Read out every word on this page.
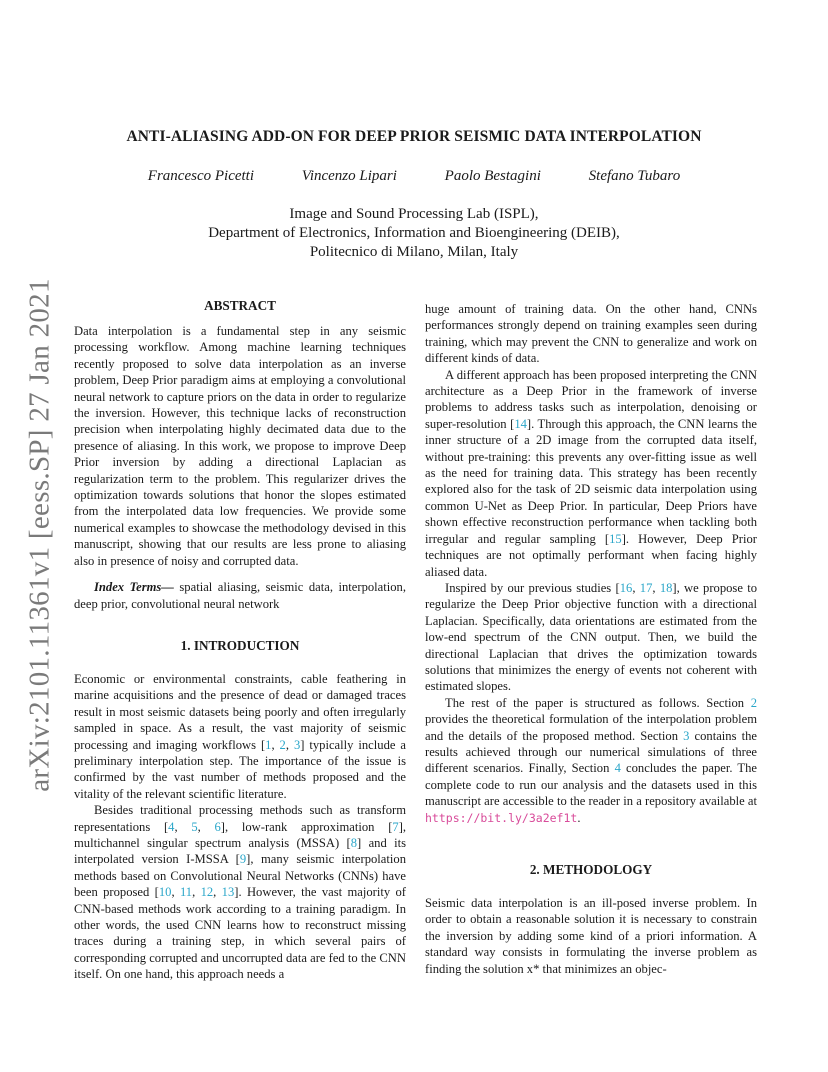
arXiv:2101.11361v1 [eess.SP] 27 Jan 2021
ANTI-ALIASING ADD-ON FOR DEEP PRIOR SEISMIC DATA INTERPOLATION
Francesco Picetti	Vincenzo Lipari	Paolo Bestagini	Stefano Tubaro
Image and Sound Processing Lab (ISPL),
Department of Electronics, Information and Bioengineering (DEIB),
Politecnico di Milano, Milan, Italy
ABSTRACT

Data interpolation is a fundamental step in any seismic processing workflow. Among machine learning techniques recently proposed to solve data interpolation as an inverse problem, Deep Prior paradigm aims at employing a convolutional neural network to capture priors on the data in order to regularize the inversion. However, this technique lacks of reconstruction precision when interpolating highly decimated data due to the presence of aliasing. In this work, we propose to improve Deep Prior inversion by adding a directional Laplacian as regularization term to the problem. This regularizer drives the optimization towards solutions that honor the slopes estimated from the interpolated data low frequencies. We provide some numerical examples to showcase the methodology devised in this manuscript, showing that our results are less prone to aliasing also in presence of noisy and corrupted data.

Index Terms— spatial aliasing, seismic data, interpolation, deep prior, convolutional neural network

1. INTRODUCTION

Economic or environmental constraints, cable feathering in marine acquisitions and the presence of dead or damaged traces result in most seismic datasets being poorly and often irregularly sampled in space. As a result, the vast majority of seismic processing and imaging workflows [1, 2, 3] typically include a preliminary interpolation step. The importance of the issue is confirmed by the vast number of methods proposed and the vitality of the relevant scientific literature.

Besides traditional processing methods such as transform representations [4, 5, 6], low-rank approximation [7], multichannel singular spectrum analysis (MSSA) [8] and its interpolated version I-MSSA [9], many seismic interpolation methods based on Convolutional Neural Networks (CNNs) have been proposed [10, 11, 12, 13]. However, the vast majority of CNN-based methods work according to a training paradigm. In other words, the used CNN learns how to reconstruct missing traces during a training step, in which several pairs of corresponding corrupted and uncorrupted data are fed to the CNN itself. On one hand, this approach needs a

huge amount of training data. On the other hand, CNNs performances strongly depend on training examples seen during training, which may prevent the CNN to generalize and work on different kinds of data.

A different approach has been proposed interpreting the CNN architecture as a Deep Prior in the framework of inverse problems to address tasks such as interpolation, denoising or super-resolution [14]. Through this approach, the CNN learns the inner structure of a 2D image from the corrupted data itself, without pre-training: this prevents any over-fitting issue as well as the need for training data. This strategy has been recently explored also for the task of 2D seismic data interpolation using common U-Net as Deep Prior. In particular, Deep Priors have shown effective reconstruction performance when tackling both irregular and regular sampling [15]. However, Deep Prior techniques are not optimally performant when facing highly aliased data.

Inspired by our previous studies [16, 17, 18], we propose to regularize the Deep Prior objective function with a directional Laplacian. Specifically, data orientations are estimated from the low-end spectrum of the CNN output. Then, we build the directional Laplacian that drives the optimization towards solutions that minimizes the energy of events not coherent with estimated slopes.

The rest of the paper is structured as follows. Section 2 provides the theoretical formulation of the interpolation problem and the details of the proposed method. Section 3 contains the results achieved through our numerical simulations of three different scenarios. Finally, Section 4 concludes the paper. The complete code to run our analysis and the datasets used in this manuscript are accessible to the reader in a repository available at https://bit.ly/3a2ef1t.

2. METHODOLOGY

Seismic data interpolation is an ill-posed inverse problem. In order to obtain a reasonable solution it is necessary to constrain the inversion by adding some kind of a priori information. A standard way consists in formulating the inverse problem as finding the solution x* that minimizes an objec-
